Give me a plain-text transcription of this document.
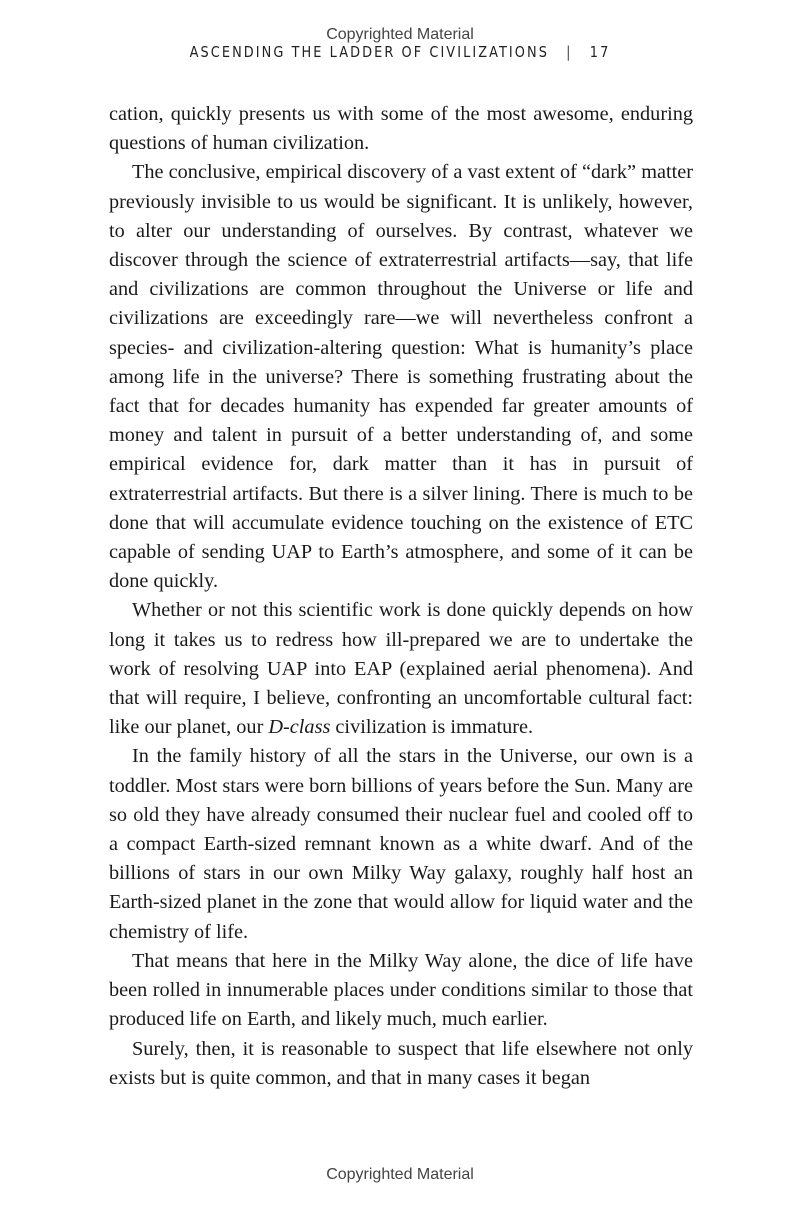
Copyrighted Material
ASCENDING THE LADDER OF CIVILIZATIONS | 17

cation, quickly presents us with some of the most awesome, enduring questions of human civilization.

The conclusive, empirical discovery of a vast extent of “dark” matter previously invisible to us would be significant. It is unlikely, however, to alter our understanding of ourselves. By contrast, whatever we discover through the science of extraterrestrial artifacts—say, that life and civilizations are common throughout the Universe or life and civilizations are exceedingly rare—we will nevertheless confront a species- and civilization-altering question: What is humanity’s place among life in the universe? There is something frustrating about the fact that for decades humanity has expended far greater amounts of money and talent in pursuit of a better understanding of, and some empirical evidence for, dark matter than it has in pursuit of extraterrestrial artifacts. But there is a silver lining. There is much to be done that will accumulate evidence touching on the existence of ETC capable of sending UAP to Earth’s atmosphere, and some of it can be done quickly.

Whether or not this scientific work is done quickly depends on how long it takes us to redress how ill-prepared we are to undertake the work of resolving UAP into EAP (explained aerial phenomena). And that will require, I believe, confronting an uncomfortable cultural fact: like our planet, our D-class civilization is immature.

In the family history of all the stars in the Universe, our own is a toddler. Most stars were born billions of years before the Sun. Many are so old they have already consumed their nuclear fuel and cooled off to a compact Earth-sized remnant known as a white dwarf. And of the billions of stars in our own Milky Way galaxy, roughly half host an Earth-sized planet in the zone that would allow for liquid water and the chemistry of life.

That means that here in the Milky Way alone, the dice of life have been rolled in innumerable places under conditions similar to those that produced life on Earth, and likely much, much earlier.

Surely, then, it is reasonable to suspect that life elsewhere not only exists but is quite common, and that in many cases it began

Copyrighted Material
